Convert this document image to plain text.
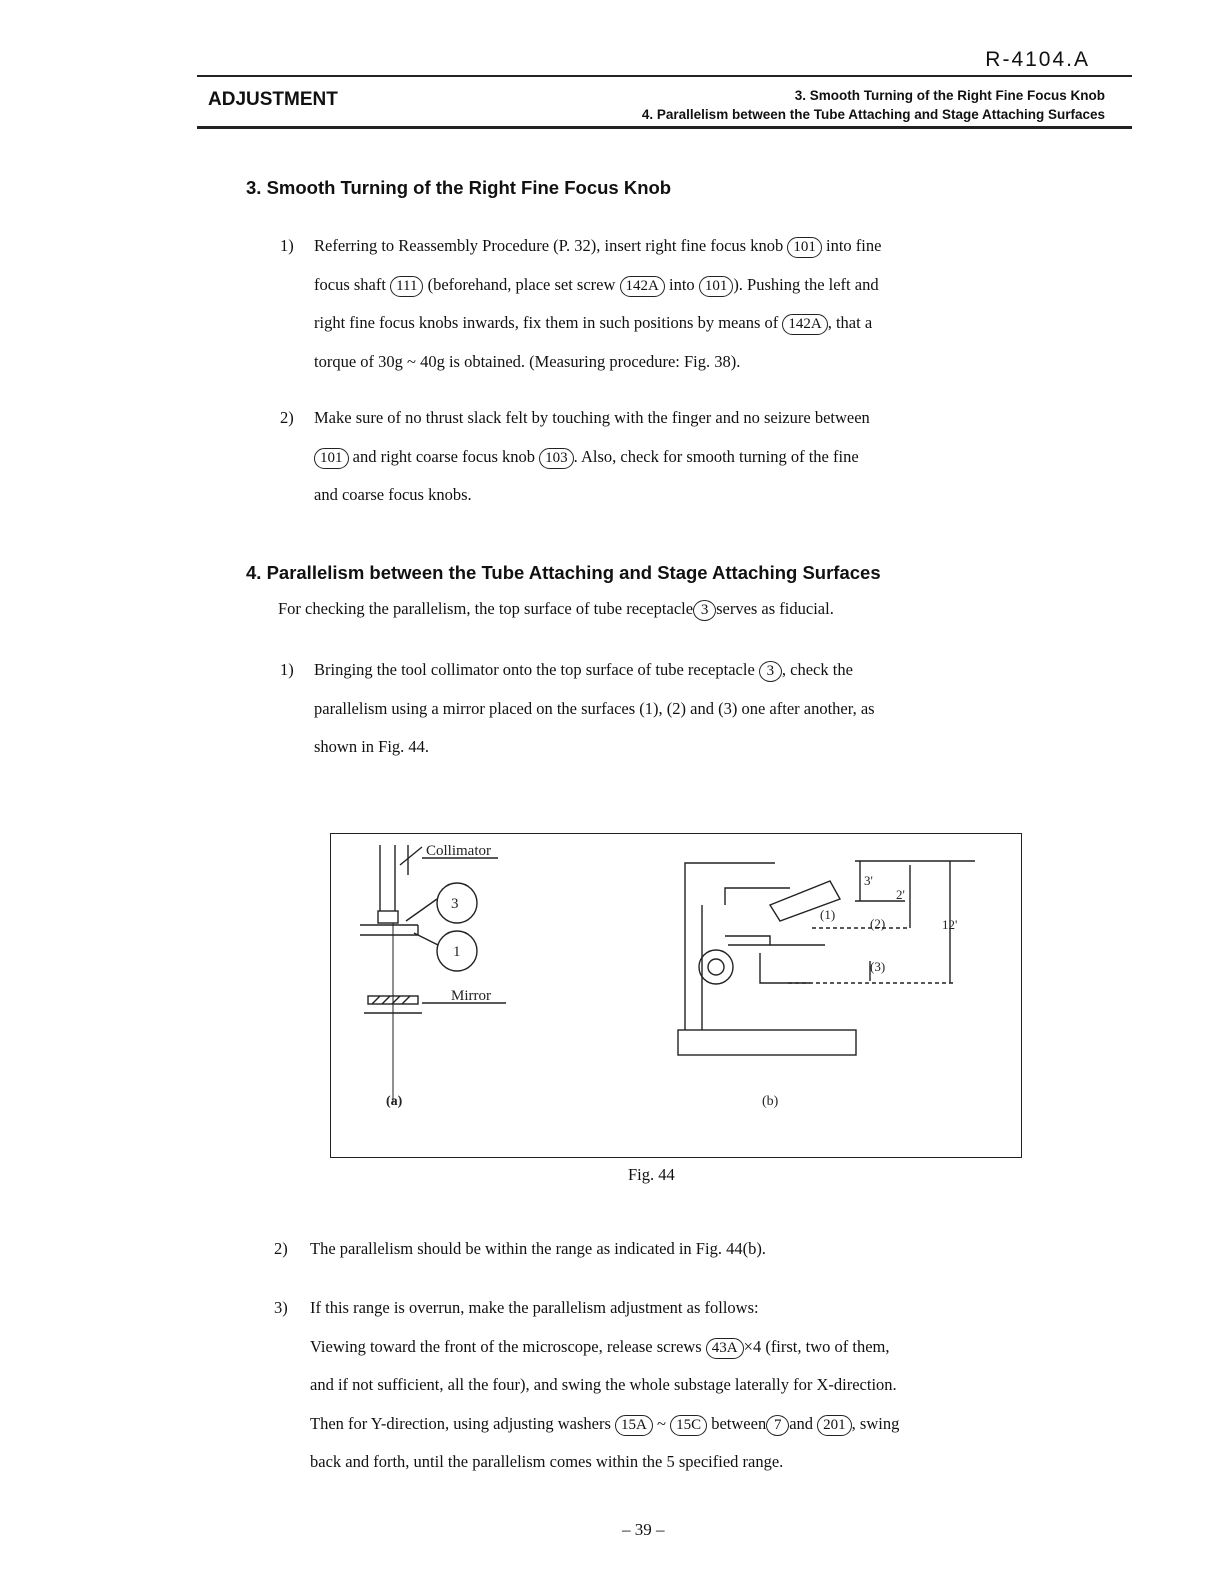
R-4104.A
ADJUSTMENT	3. Smooth Turning of the Right Fine Focus Knob
4. Parallelism between the Tube Attaching and Stage Attaching Surfaces
3. Smooth Turning of the Right Fine Focus Knob
1) Referring to Reassembly Procedure (P. 32), insert right fine focus knob 101 into fine
focus shaft 111 (beforehand, place set screw 142A into 101 ). Pushing the left and
right fine focus knobs inwards, fix them in such positions by means of 142A , that a
torque of 30g ~ 40g is obtained. (Measuring procedure: Fig. 38).
2) Make sure of no thrust slack felt by touching with the finger and no seizure between
101 and right coarse focus knob 103 . Also, check for smooth turning of the fine
and coarse focus knobs.
4. Parallelism between the Tube Attaching and Stage Attaching Surfaces
For checking the parallelism, the top surface of tube receptacle 3 serves as fiducial.
1) Bringing the tool collimator onto the top surface of tube receptacle 3 , check the
parallelism using a mirror placed on the surfaces (1), (2) and (3) one after another, as
shown in Fig. 44.
Collimator
3
1
Mirror
(a)	(b)
3'
2'
12'
(1)
(2)
(3)
Fig. 44
2) The parallelism should be within the range as indicated in Fig. 44(b).
3) If this range is overrun, make the parallelism adjustment as follows:
Viewing toward the front of the microscope, release screws 43A ×4 (first, two of them,
and if not sufficient, all the four), and swing the whole substage laterally for X-direction.
Then for Y-direction, using adjusting washers 15A ~ 15C between 7 and 201 , swing
back and forth, until the parallelism comes within the 5 specified range.
– 39 –
